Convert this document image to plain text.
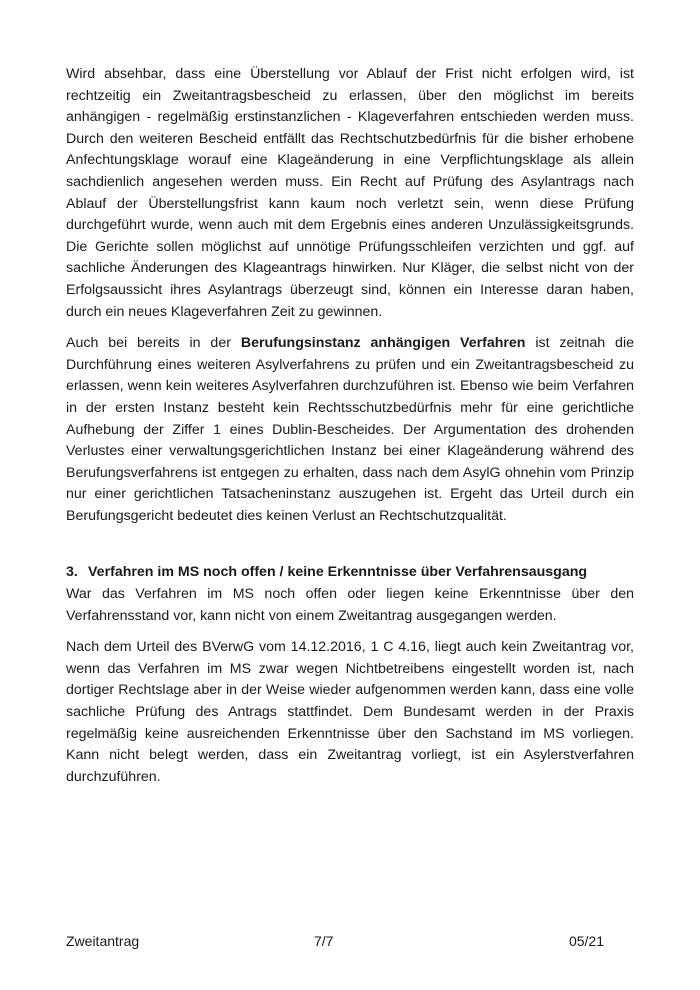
Wird absehbar, dass eine Überstellung vor Ablauf der Frist nicht erfolgen wird, ist rechtzeitig ein Zweitantragsbescheid zu erlassen, über den möglichst im bereits anhängigen - regelmäßig erstinstanzlichen - Klageverfahren entschieden werden muss. Durch den weiteren Bescheid entfällt das Rechtschutzbedürfnis für die bisher erhobene Anfechtungsklage worauf eine Klageänderung in eine Verpflichtungsklage als allein sachdienlich angesehen werden muss. Ein Recht auf Prüfung des Asylantrags nach Ablauf der Überstellungsfrist kann kaum noch verletzt sein, wenn diese Prüfung durchgeführt wurde, wenn auch mit dem Ergebnis eines anderen Unzulässigkeitsgrunds. Die Gerichte sollen möglichst auf unnötige Prüfungsschleifen verzichten und ggf. auf sachliche Änderungen des Klageantrags hinwirken. Nur Kläger, die selbst nicht von der Erfolgsaussicht ihres Asylantrags überzeugt sind, können ein Interesse daran haben, durch ein neues Klageverfahren Zeit zu gewinnen.

Auch bei bereits in der Berufungsinstanz anhängigen Verfahren ist zeitnah die Durchführung eines weiteren Asylverfahrens zu prüfen und ein Zweitantragsbescheid zu erlassen, wenn kein weiteres Asylverfahren durchzuführen ist. Ebenso wie beim Verfahren in der ersten Instanz besteht kein Rechtsschutzbedürfnis mehr für eine gerichtliche Aufhebung der Ziffer 1 eines Dublin-Bescheides. Der Argumentation des drohenden Verlustes einer verwaltungsgerichtlichen Instanz bei einer Klageänderung während des Berufungsverfahrens ist entgegen zu erhalten, dass nach dem AsylG ohnehin vom Prinzip nur einer gerichtlichen Tatsacheninstanz auszugehen ist. Ergeht das Urteil durch ein Berufungsgericht bedeutet dies keinen Verlust an Rechtschutzqualität.

3. Verfahren im MS noch offen / keine Erkenntnisse über Verfahrensausgang

War das Verfahren im MS noch offen oder liegen keine Erkenntnisse über den Verfahrensstand vor, kann nicht von einem Zweitantrag ausgegangen werden.

Nach dem Urteil des BVerwG vom 14.12.2016, 1 C 4.16, liegt auch kein Zweitantrag vor, wenn das Verfahren im MS zwar wegen Nichtbetreibens eingestellt worden ist, nach dortiger Rechtslage aber in der Weise wieder aufgenommen werden kann, dass eine volle sachliche Prüfung des Antrags stattfindet. Dem Bundesamt werden in der Praxis regelmäßig keine ausreichenden Erkenntnisse über den Sachstand im MS vorliegen. Kann nicht belegt werden, dass ein Zweitantrag vorliegt, ist ein Asylerstverfahren durchzuführen.

Zweitantrag	7/7	05/21
